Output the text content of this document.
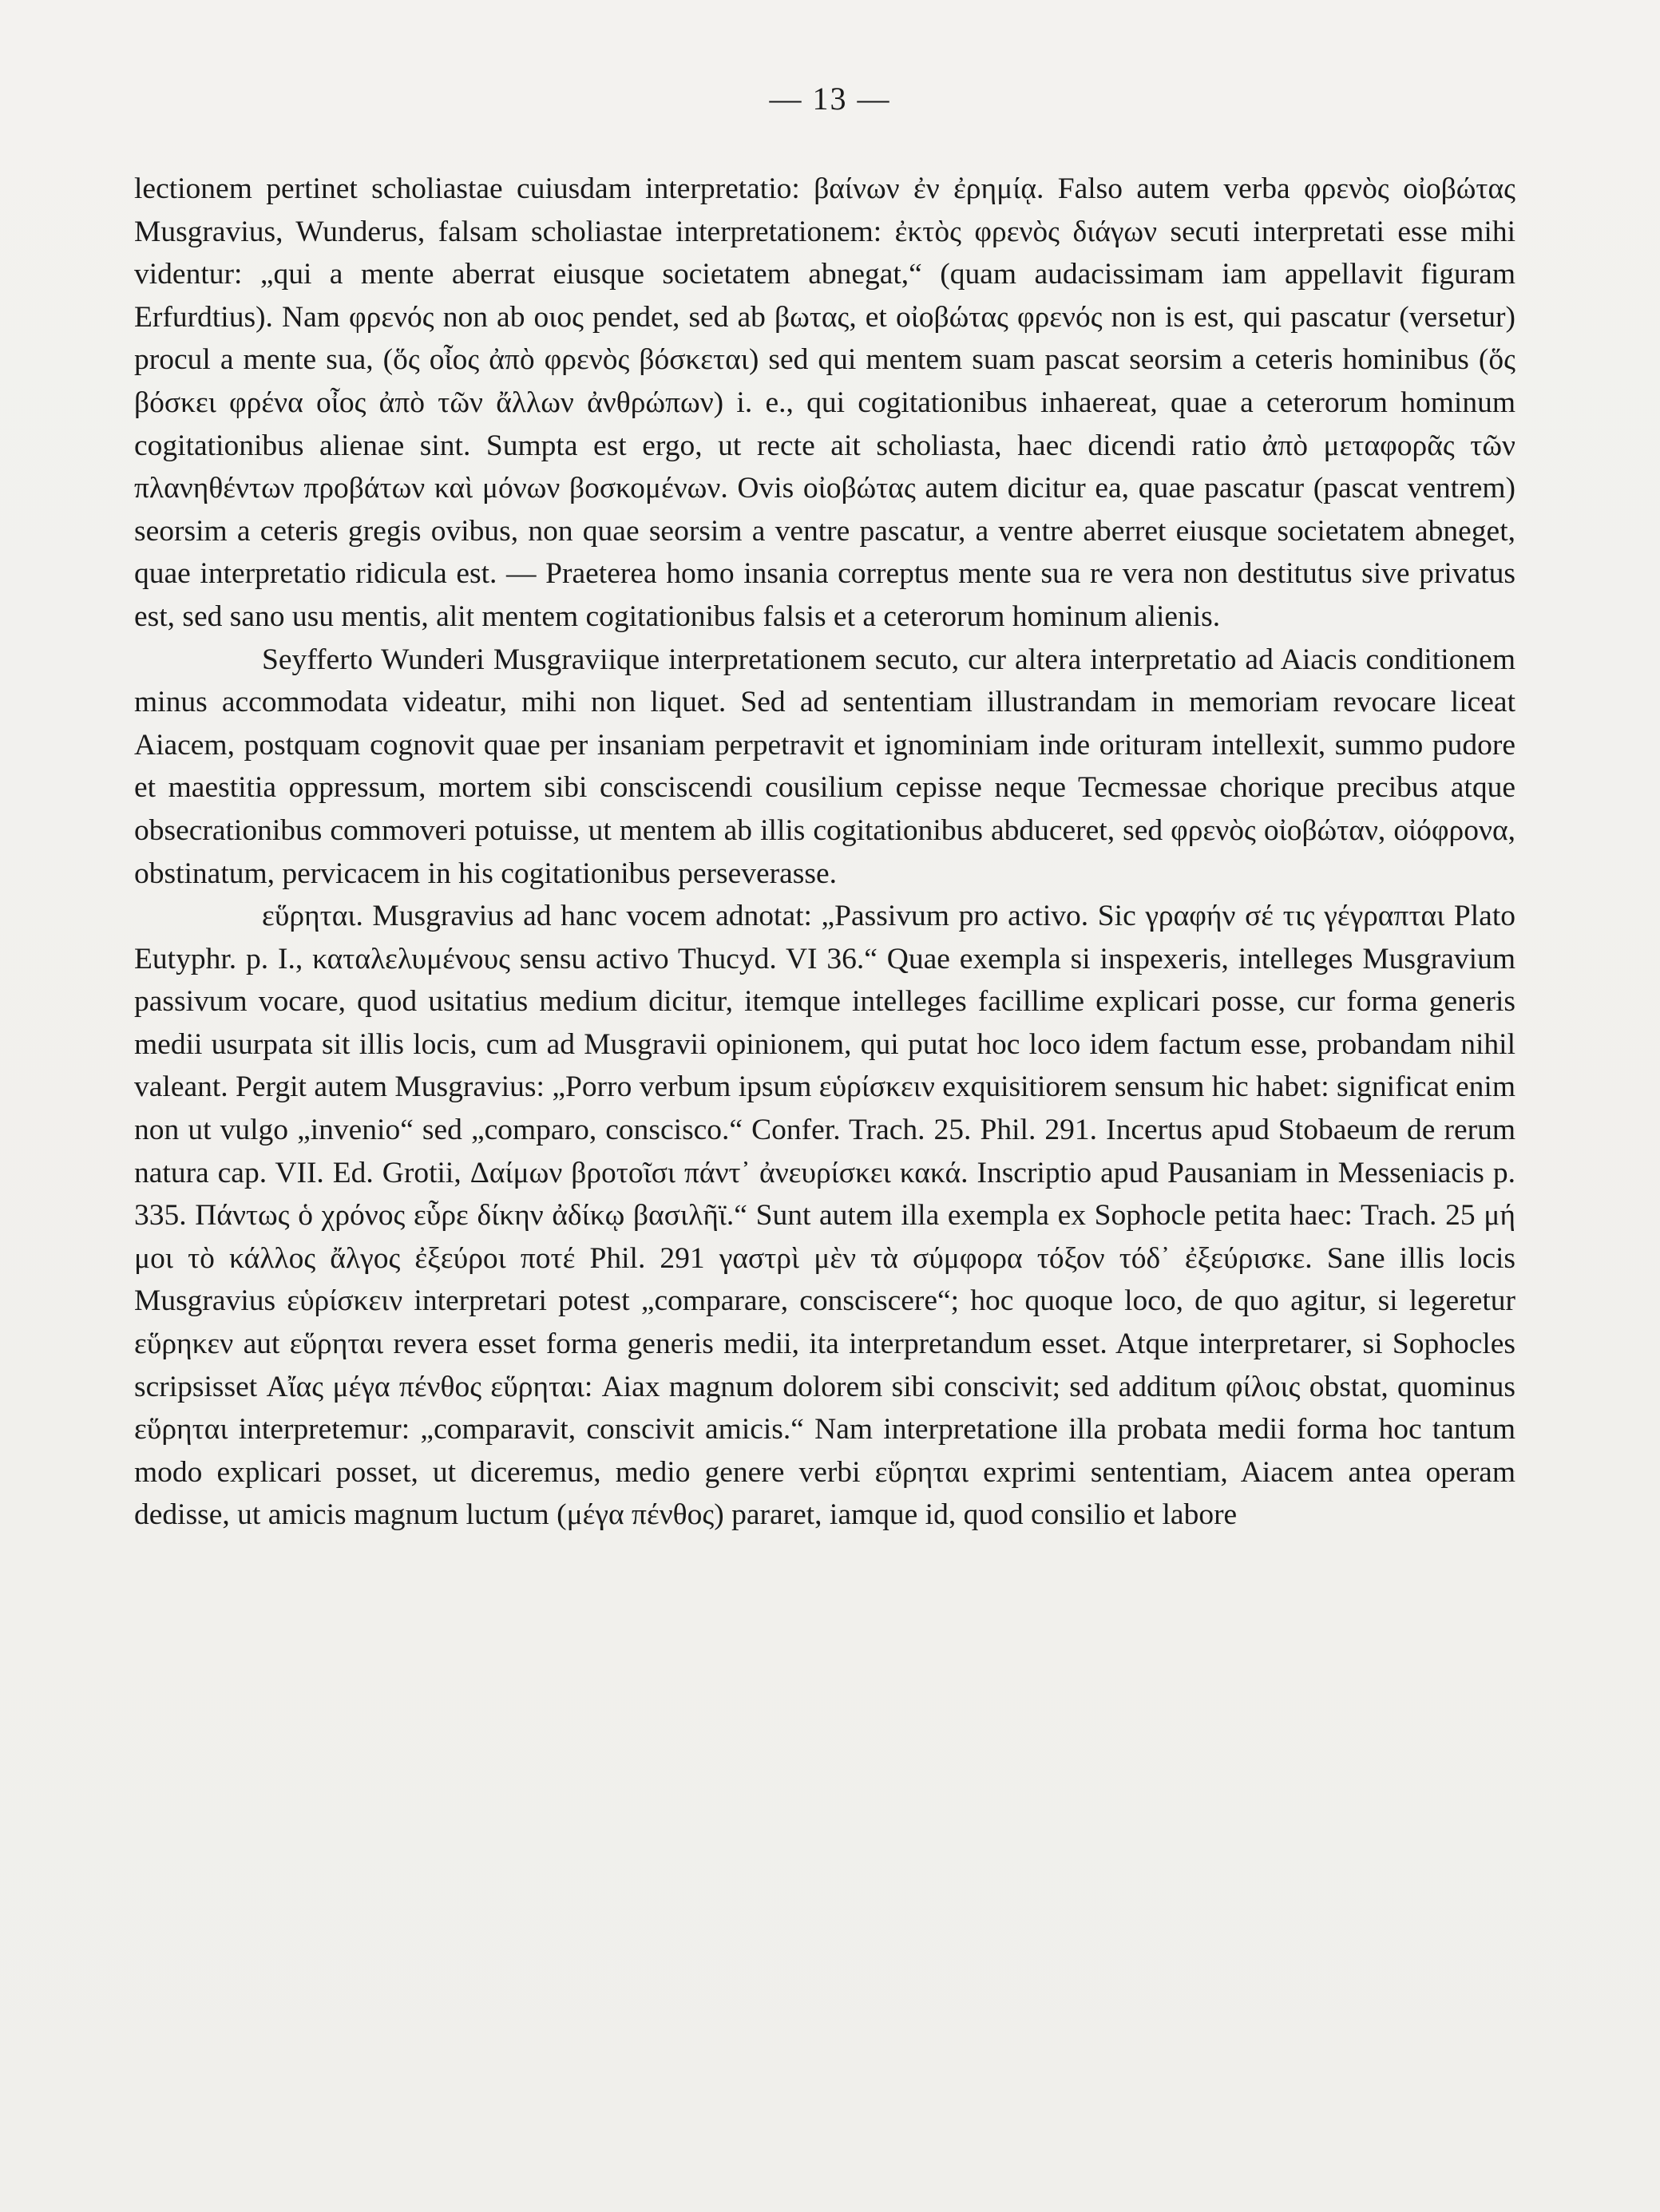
— 13 —

lectionem pertinet scholiastae cuiusdam interpretatio: βαίνων ἐν ἐρημίᾳ. Falso autem verba φρενὸς οἰοβώτας Musgravius, Wunderus, falsam scholiastae interpretationem: ἐκτὸς φρενὸς διάγων secuti interpretati esse mihi videntur: „qui a mente aberrat eiusque societatem abnegat,“ (quam audacissimam iam appellavit figuram Erfurdtius). Nam φρενός non ab οιος pendet, sed ab βωτας, et οἰοβώτας φρενός non is est, qui pascatur (versetur) procul a mente sua, (ὅς οἶος ἀπὸ φρενὸς βόσκεται) sed qui mentem suam pascat seorsim a ceteris hominibus (ὅς βόσκει φρένα οἶος ἀπὸ τῶν ἄλλων ἀνθρώπων) i. e., qui cogitationibus inhaereat, quae a ceterorum hominum cogitationibus alienae sint. Sumpta est ergo, ut recte ait scholiasta, haec dicendi ratio ἀπὸ μεταφορᾶς τῶν πλανηθέντων προβάτων καὶ μόνων βοσκομένων. Ovis οἰοβώτας autem dicitur ea, quae pascatur (pascat ventrem) seorsim a ceteris gregis ovibus, non quae seorsim a ventre pascatur, a ventre aberret eiusque societatem abneget, quae interpretatio ridicula est. — Praeterea homo insania correptus mente sua re vera non destitutus sive privatus est, sed sano usu mentis, alit mentem cogitationibus falsis et a ceterorum hominum alienis.

Seyfferto Wunderi Musgraviique interpretationem secuto, cur altera interpretatio ad Aiacis conditionem minus accommodata videatur, mihi non liquet. Sed ad sententiam illustrandam in memoriam revocare liceat Aiacem, postquam cognovit quae per insaniam perpetravit et ignominiam inde orituram intellexit, summo pudore et maestitia oppressum, mortem sibi consciscendi cousilium cepisse neque Tecmessae chorique precibus atque obsecrationibus commoveri potuisse, ut mentem ab illis cogitationibus abduceret, sed φρενὸς οἰοβώταν, οἰόφρονα, obstinatum, pervicacem in his cogitationibus perseverasse.

εὕρηται. Musgravius ad hanc vocem adnotat: „Passivum pro activo. Sic γραφήν σέ τις γέγραπται Plato Eutyphr. p. I., καταλελυμένους sensu activo Thucyd. VI 36.“ Quae exempla si inspexeris, intelleges Musgravium passivum vocare, quod usitatius medium dicitur, itemque intelleges facillime explicari posse, cur forma generis medii usurpata sit illis locis, cum ad Musgravii opinionem, qui putat hoc loco idem factum esse, probandam nihil valeant. Pergit autem Musgravius: „Porro verbum ipsum εὑρίσκειν exquisitiorem sensum hic habet: significat enim non ut vulgo „invenio“ sed „comparo, conscisco.“ Confer. Trach. 25. Phil. 291. Incertus apud Stobaeum de rerum natura cap. VII. Ed. Grotii, Δαίμων βροτοῖσι πάντ᾽ ἀνευρίσκει κακά. Inscriptio apud Pausaniam in Messeniacis p. 335. Πάντως ὁ χρόνος εὗρε δίκην ἀδίκῳ βασιλῆϊ.“ Sunt autem illa exempla ex Sophocle petita haec: Trach. 25 μή μοι τὸ κάλλος ἄλγος ἐξεύροι ποτέ Phil. 291 γαστρὶ μὲν τὰ σύμφορα τόξον τόδ᾽ ἐξεύρισκε. Sane illis locis Musgravius εὑρίσκειν interpretari potest „comparare, consciscere“; hoc quoque loco, de quo agitur, si legeretur εὕρηκεν aut εὕρηται revera esset forma generis medii, ita interpretandum esset. Atque interpretarer, si Sophocles scripsisset Αἴας μέγα πένθος εὕρηται: Aiax magnum dolorem sibi conscivit; sed additum φίλοις obstat, quominus εὕρηται interpretemur: „comparavit, conscivit amicis.“ Nam interpretatione illa probata medii forma hoc tantum modo explicari posset, ut diceremus, medio genere verbi εὕρηται exprimi sententiam, Aiacem antea operam dedisse, ut amicis magnum luctum (μέγα πένθος) pararet, iamque id, quod consilio et labore
